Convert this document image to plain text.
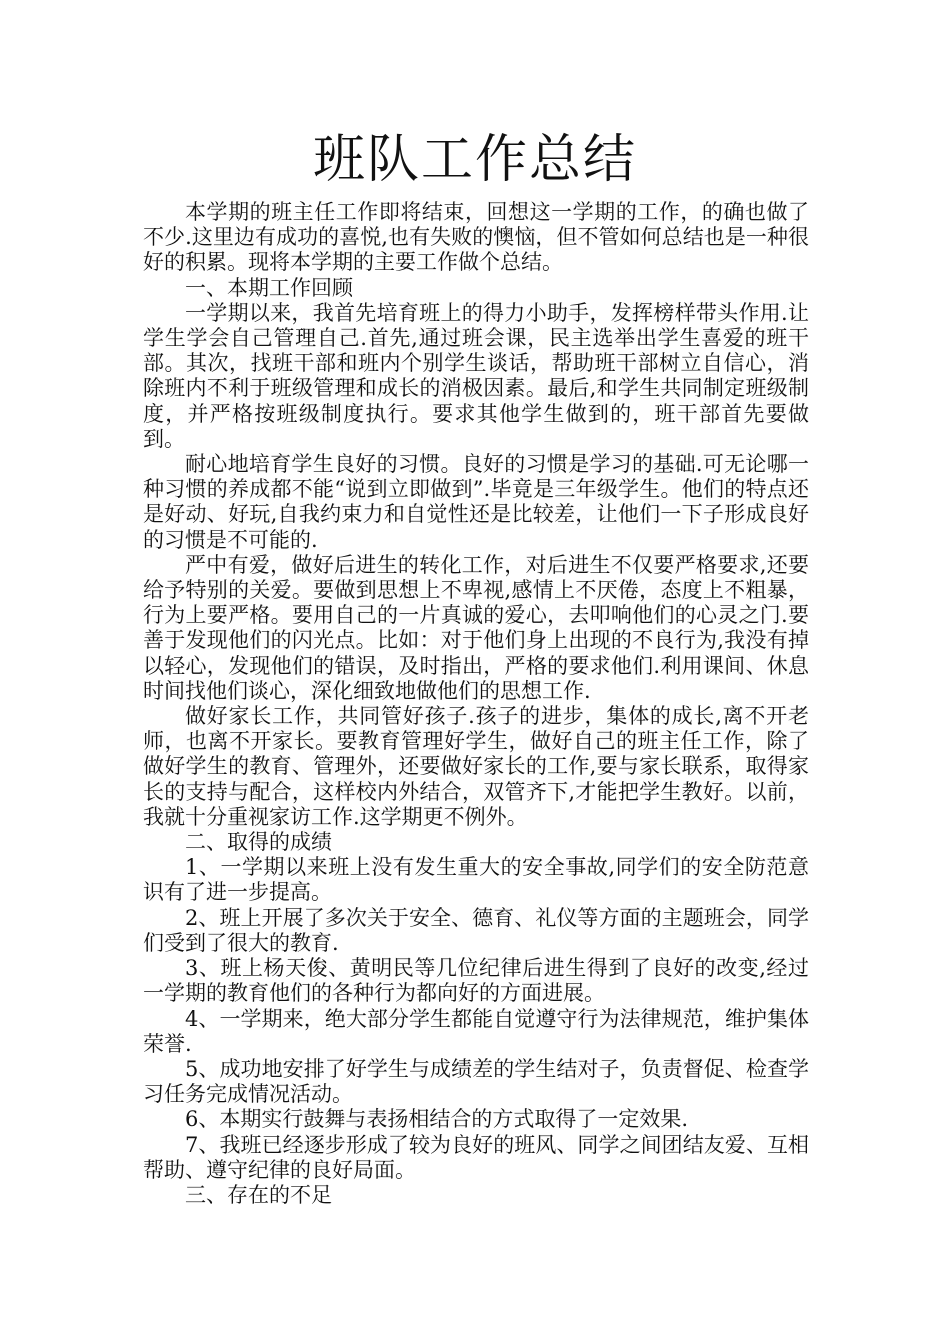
班队工作总结

本学期的班主任工作即将结束，回想这一学期的工作，的确也做了不少.这里边有成功的喜悦,也有失败的懊恼，但不管如何总结也是一种很好的积累。现将本学期的主要工作做个总结。

一、本期工作回顾

一学期以来，我首先培育班上的得力小助手，发挥榜样带头作用.让学生学会自己管理自己.首先,通过班会课，民主选举出学生喜爱的班干部。其次，找班干部和班内个别学生谈话，帮助班干部树立自信心，消除班内不利于班级管理和成长的消极因素。最后,和学生共同制定班级制度，并严格按班级制度执行。要求其他学生做到的，班干部首先要做到。

耐心地培育学生良好的习惯。良好的习惯是学习的基础.可无论哪一种习惯的养成都不能“说到立即做到”.毕竟是三年级学生。他们的特点还是好动、好玩,自我约束力和自觉性还是比较差，让他们一下子形成良好的习惯是不可能的.

严中有爱，做好后进生的转化工作，对后进生不仅要严格要求,还要给予特别的关爱。要做到思想上不卑视,感情上不厌倦，态度上不粗暴，行为上要严格。要用自己的一片真诚的爱心，去叩响他们的心灵之门.要善于发现他们的闪光点。比如：对于他们身上出现的不良行为,我没有掉以轻心，发现他们的错误，及时指出，严格的要求他们.利用课间、休息时间找他们谈心，深化细致地做他们的思想工作.

做好家长工作，共同管好孩子.孩子的进步，集体的成长,离不开老师，也离不开家长。要教育管理好学生，做好自己的班主任工作，除了做好学生的教育、管理外，还要做好家长的工作,要与家长联系，取得家长的支持与配合，这样校内外结合，双管齐下,才能把学生教好。以前，我就十分重视家访工作.这学期更不例外。

二、取得的成绩

1、一学期以来班上没有发生重大的安全事故,同学们的安全防范意识有了进一步提高。

2、班上开展了多次关于安全、德育、礼仪等方面的主题班会，同学们受到了很大的教育.

3、班上杨天俊、黄明民等几位纪律后进生得到了良好的改变,经过一学期的教育他们的各种行为都向好的方面进展。

4、一学期来，绝大部分学生都能自觉遵守行为法律规范，维护集体荣誉.

5、成功地安排了好学生与成绩差的学生结对子，负责督促、检查学习任务完成情况活动。

6、本期实行鼓舞与表扬相结合的方式取得了一定效果.

7、我班已经逐步形成了较为良好的班风、同学之间团结友爱、互相帮助、遵守纪律的良好局面。

三、存在的不足
